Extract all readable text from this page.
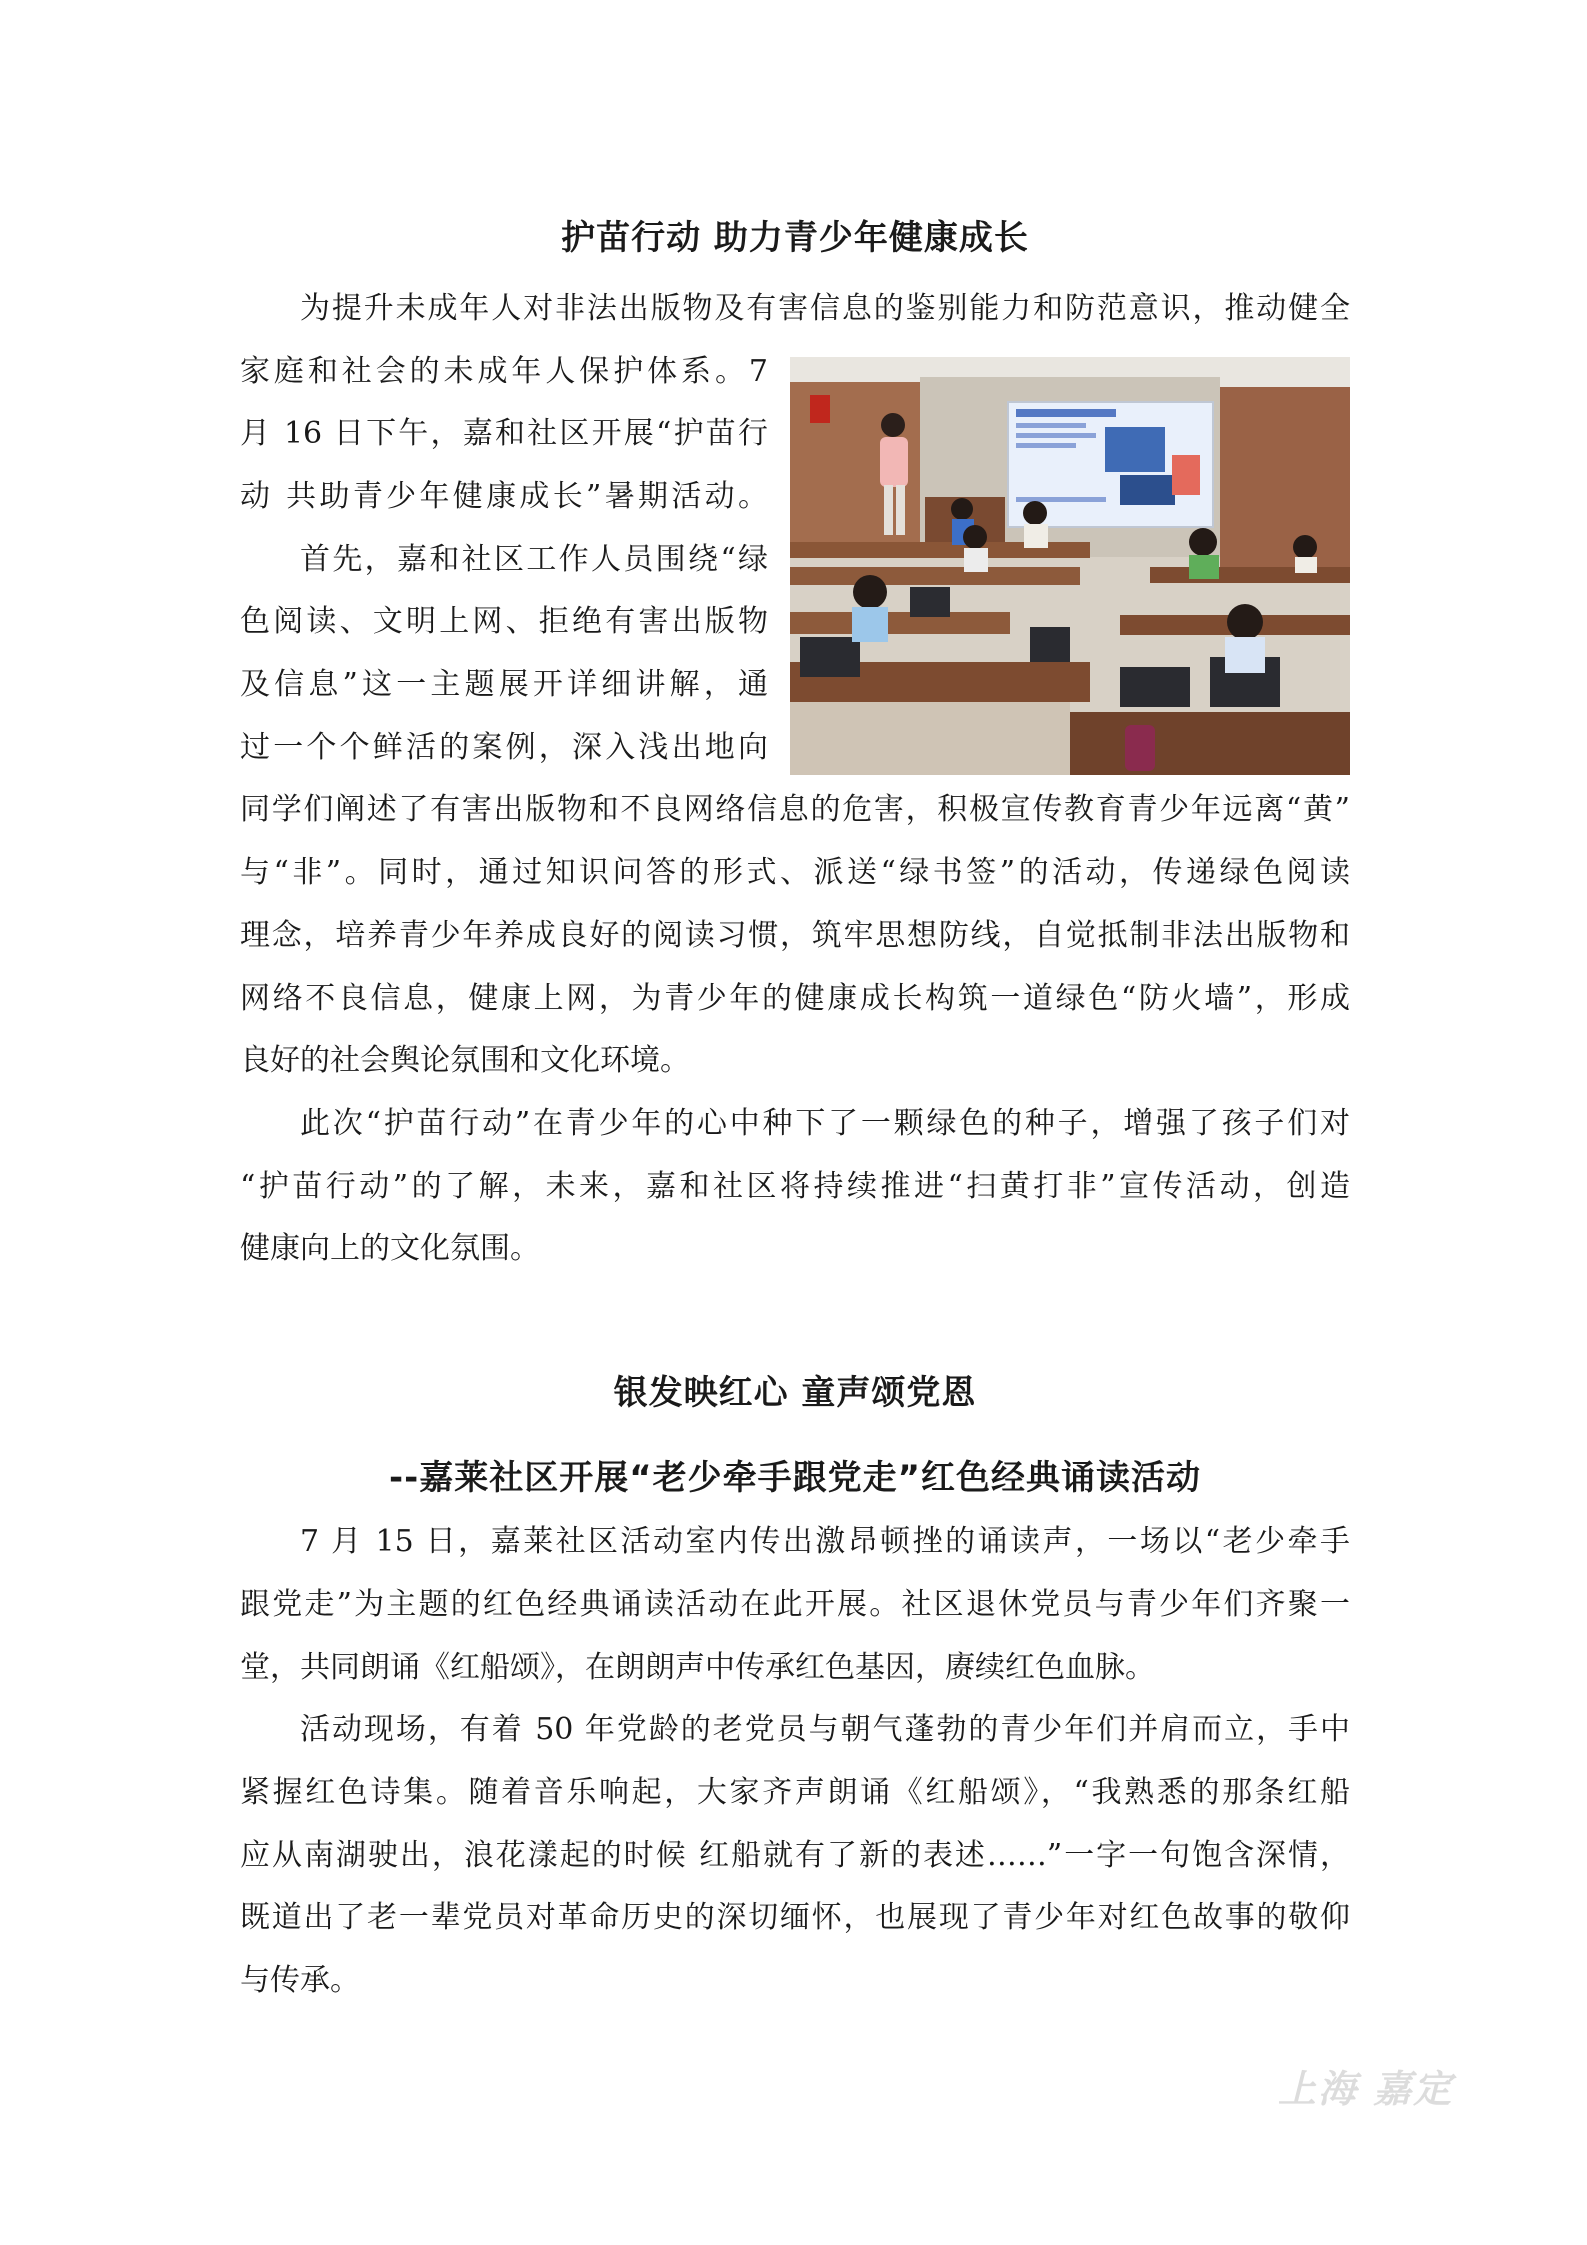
护苗行动 助力青少年健康成长
为提升未成年人对非法出版物及有害信息的鉴别能力和防范意识，推动健全
家庭和社会的未成年人保护体系。7
月 16 日下午，嘉和社区开展“护苗行
动 共助青少年健康成长”暑期活动。
首先，嘉和社区工作人员围绕“绿
色阅读、文明上网、拒绝有害出版物
及信息”这一主题展开详细讲解，通
过一个个鲜活的案例，深入浅出地向
同学们阐述了有害出版物和不良网络信息的危害，积极宣传教育青少年远离“黄”
与“非”。同时，通过知识问答的形式、派送“绿书签”的活动，传递绿色阅读
理念，培养青少年养成良好的阅读习惯，筑牢思想防线，自觉抵制非法出版物和
网络不良信息，健康上网，为青少年的健康成长构筑一道绿色“防火墙”，形成
良好的社会舆论氛围和文化环境。
此次“护苗行动”在青少年的心中种下了一颗绿色的种子，增强了孩子们对
“护苗行动”的了解，未来，嘉和社区将持续推进“扫黄打非”宣传活动，创造
健康向上的文化氛围。
银发映红心 童声颂党恩
--嘉莱社区开展“老少牵手跟党走”红色经典诵读活动
7 月 15 日，嘉莱社区活动室内传出激昂顿挫的诵读声，一场以“老少牵手
跟党走”为主题的红色经典诵读活动在此开展。社区退休党员与青少年们齐聚一
堂，共同朗诵《红船颂》，在朗朗声中传承红色基因，赓续红色血脉。
活动现场，有着 50 年党龄的老党员与朝气蓬勃的青少年们并肩而立，手中
紧握红色诗集。随着音乐响起，大家齐声朗诵《红船颂》，“我熟悉的那条红船
应从南湖驶出，浪花漾起的时候 红船就有了新的表述……”一字一句饱含深情，
既道出了老一辈党员对革命历史的深切缅怀，也展现了青少年对红色故事的敬仰
与传承。
上海 嘉定
